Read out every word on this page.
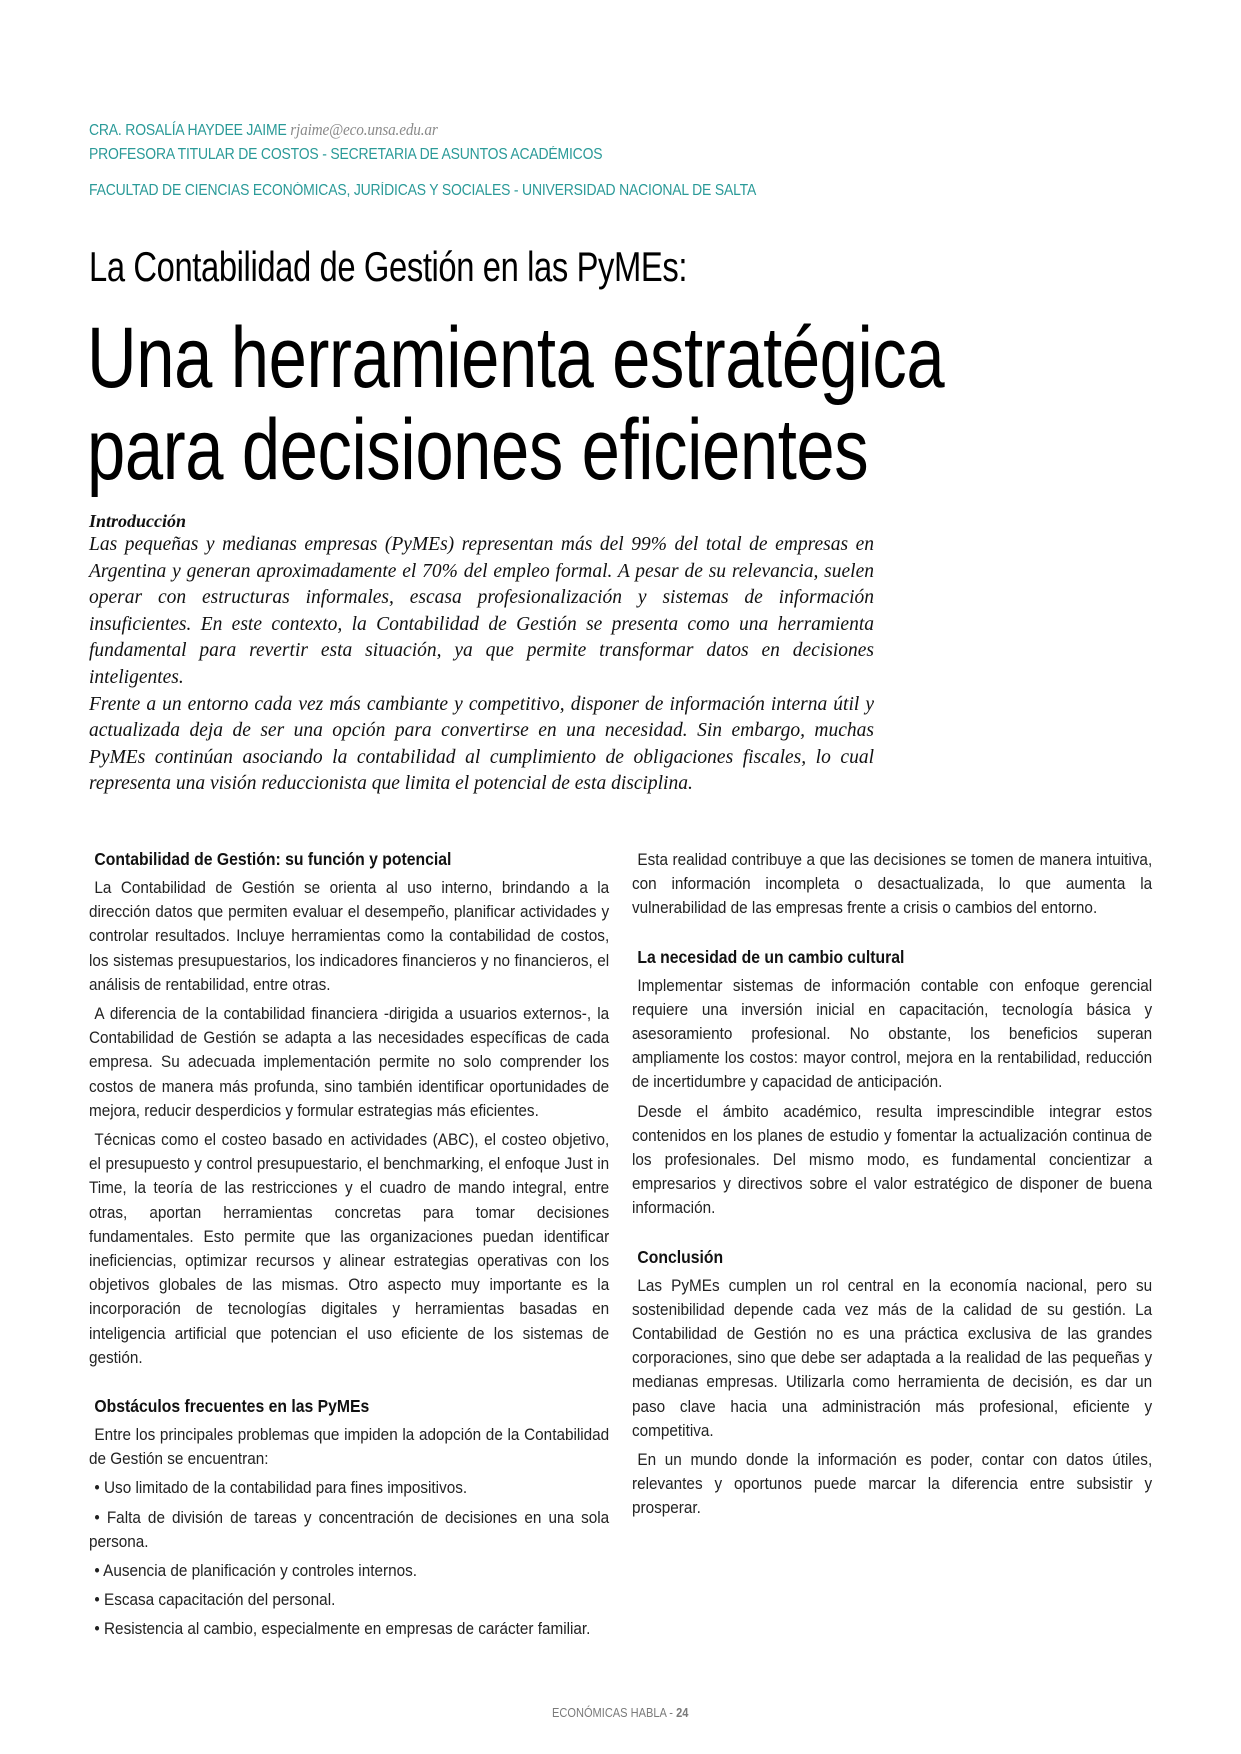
CRA. ROSALÍA HAYDEE JAIME rjaime@eco.unsa.edu.ar
PROFESORA TITULAR DE COSTOS - SECRETARIA DE ASUNTOS ACADÉMICOS
FACULTAD DE CIENCIAS ECONÓMICAS, JURÍDICAS Y SOCIALES - UNIVERSIDAD NACIONAL DE SALTA
La Contabilidad de Gestión en las PyMEs:
Una herramienta estratégica
para decisiones eficientes
Introducción

Las pequeñas y medianas empresas (PyMEs) representan más del 99% del total de empresas en Argentina y generan aproximadamente el 70% del empleo formal. A pesar de su relevancia, suelen operar con estructuras informales, escasa profesionalización y sistemas de información insuficientes. En este contexto, la Contabilidad de Gestión se presenta como una herramienta fundamental para revertir esta situación, ya que permite transformar datos en decisiones inteligentes.

Frente a un entorno cada vez más cambiante y competitivo, disponer de información interna útil y actualizada deja de ser una opción para convertirse en una necesidad. Sin embargo, muchas PyMEs continúan asociando la contabilidad al cumplimiento de obligaciones fiscales, lo cual representa una visión reduccionista que limita el potencial de esta disciplina.

Contabilidad de Gestión: su función y potencial

La Contabilidad de Gestión se orienta al uso interno, brindando a la dirección datos que permiten evaluar el desempeño, planificar actividades y controlar resultados. Incluye herramientas como la contabilidad de costos, los sistemas presupuestarios, los indicadores financieros y no financieros, el análisis de rentabilidad, entre otras.

A diferencia de la contabilidad financiera -dirigida a usuarios externos-, la Contabilidad de Gestión se adapta a las necesidades específicas de cada empresa. Su adecuada implementación permite no solo comprender los costos de manera más profunda, sino también identificar oportunidades de mejora, reducir desperdicios y formular estrategias más eficientes.

Técnicas como el costeo basado en actividades (ABC), el costeo objetivo, el presupuesto y control presupuestario, el benchmarking, el enfoque Just in Time, la teoría de las restricciones y el cuadro de mando integral, entre otras, aportan herramientas concretas para tomar decisiones fundamentales. Esto permite que las organizaciones puedan identificar ineficiencias, optimizar recursos y alinear estrategias operativas con los objetivos globales de las mismas. Otro aspecto muy importante es la incorporación de tecnologías digitales y herramientas basadas en inteligencia artificial que potencian el uso eficiente de los sistemas de gestión.

Obstáculos frecuentes en las PyMEs

Entre los principales problemas que impiden la adopción de la Contabilidad de Gestión se encuentran:

• Uso limitado de la contabilidad para fines impositivos.
• Falta de división de tareas y concentración de decisiones en una sola persona.
• Ausencia de planificación y controles internos.
• Escasa capacitación del personal.
• Resistencia al cambio, especialmente en empresas de carácter familiar.

Esta realidad contribuye a que las decisiones se tomen de manera intuitiva, con información incompleta o desactualizada, lo que aumenta la vulnerabilidad de las empresas frente a crisis o cambios del entorno.

La necesidad de un cambio cultural

Implementar sistemas de información contable con enfoque gerencial requiere una inversión inicial en capacitación, tecnología básica y asesoramiento profesional. No obstante, los beneficios superan ampliamente los costos: mayor control, mejora en la rentabilidad, reducción de incertidumbre y capacidad de anticipación.

Desde el ámbito académico, resulta imprescindible integrar estos contenidos en los planes de estudio y fomentar la actualización continua de los profesionales. Del mismo modo, es fundamental concientizar a empresarios y directivos sobre el valor estratégico de disponer de buena información.

Conclusión

Las PyMEs cumplen un rol central en la economía nacional, pero su sostenibilidad depende cada vez más de la calidad de su gestión. La Contabilidad de Gestión no es una práctica exclusiva de las grandes corporaciones, sino que debe ser adaptada a la realidad de las pequeñas y medianas empresas. Utilizarla como herramienta de decisión, es dar un paso clave hacia una administración más profesional, eficiente y competitiva.

En un mundo donde la información es poder, contar con datos útiles, relevantes y oportunos puede marcar la diferencia entre subsistir y prosperar.

ECONÓMICAS HABLA - 24
